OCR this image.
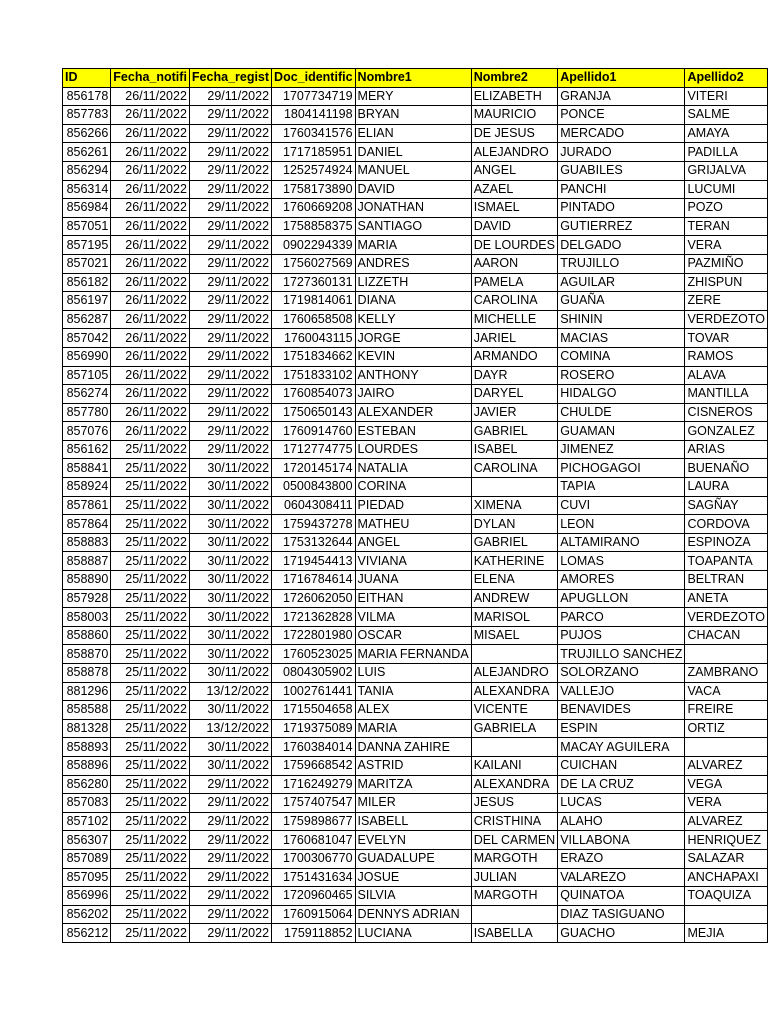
ID	Fecha_notifi	Fecha_regist	Doc_identific	Nombre1	Nombre2	Apellido1	Apellido2
856178	26/11/2022	29/11/2022	1707734719	MERY	ELIZABETH	GRANJA	VITERI
857783	26/11/2022	29/11/2022	1804141198	BRYAN	MAURICIO	PONCE	SALME
856266	26/11/2022	29/11/2022	1760341576	ELIAN	DE JESUS	MERCADO	AMAYA
856261	26/11/2022	29/11/2022	1717185951	DANIEL	ALEJANDRO	JURADO	PADILLA
856294	26/11/2022	29/11/2022	1252574924	MANUEL	ANGEL	GUABILES	GRIJALVA
856314	26/11/2022	29/11/2022	1758173890	DAVID	AZAEL	PANCHI	LUCUMI
856984	26/11/2022	29/11/2022	1760669208	JONATHAN	ISMAEL	PINTADO	POZO
857051	26/11/2022	29/11/2022	1758858375	SANTIAGO	DAVID	GUTIERREZ	TERAN
857195	26/11/2022	29/11/2022	0902294339	MARIA	DE LOURDES	DELGADO	VERA
857021	26/11/2022	29/11/2022	1756027569	ANDRES	AARON	TRUJILLO	PAZMIÑO
856182	26/11/2022	29/11/2022	1727360131	LIZZETH	PAMELA	AGUILAR	ZHISPUN
856197	26/11/2022	29/11/2022	1719814061	DIANA	CAROLINA	GUAÑA	ZERE
856287	26/11/2022	29/11/2022	1760658508	KELLY	MICHELLE	SHININ	VERDEZOTO
857042	26/11/2022	29/11/2022	1760043115	JORGE	JARIEL	MACIAS	TOVAR
856990	26/11/2022	29/11/2022	1751834662	KEVIN	ARMANDO	COMINA	RAMOS
857105	26/11/2022	29/11/2022	1751833102	ANTHONY	DAYR	ROSERO	ALAVA
856274	26/11/2022	29/11/2022	1760854073	JAIRO	DARYEL	HIDALGO	MANTILLA
857780	26/11/2022	29/11/2022	1750650143	ALEXANDER	JAVIER	CHULDE	CISNEROS
857076	26/11/2022	29/11/2022	1760914760	ESTEBAN	GABRIEL	GUAMAN	GONZALEZ
856162	25/11/2022	29/11/2022	1712774775	LOURDES	ISABEL	JIMENEZ	ARIAS
858841	25/11/2022	30/11/2022	1720145174	NATALIA	CAROLINA	PICHOGAGOI	BUENAÑO
858924	25/11/2022	30/11/2022	0500843800	CORINA		TAPIA	LAURA
857861	25/11/2022	30/11/2022	0604308411	PIEDAD	XIMENA	CUVI	SAGÑAY
857864	25/11/2022	30/11/2022	1759437278	MATHEU	DYLAN	LEON	CORDOVA
858883	25/11/2022	30/11/2022	1753132644	ANGEL	GABRIEL	ALTAMIRANO	ESPINOZA
858887	25/11/2022	30/11/2022	1719454413	VIVIANA	KATHERINE	LOMAS	TOAPANTA
858890	25/11/2022	30/11/2022	1716784614	JUANA	ELENA	AMORES	BELTRAN
857928	25/11/2022	30/11/2022	1726062050	EITHAN	ANDREW	APUGLLON	ANETA
858003	25/11/2022	30/11/2022	1721362828	VILMA	MARISOL	PARCO	VERDEZOTO
858860	25/11/2022	30/11/2022	1722801980	OSCAR	MISAEL	PUJOS	CHACAN
858870	25/11/2022	30/11/2022	1760523025	MARIA FERNANDA		TRUJILLO SANCHEZ	
858878	25/11/2022	30/11/2022	0804305902	LUIS	ALEJANDRO	SOLORZANO	ZAMBRANO
881296	25/11/2022	13/12/2022	1002761441	TANIA	ALEXANDRA	VALLEJO	VACA
858588	25/11/2022	30/11/2022	1715504658	ALEX	VICENTE	BENAVIDES	FREIRE
881328	25/11/2022	13/12/2022	1719375089	MARIA	GABRIELA	ESPIN	ORTIZ
858893	25/11/2022	30/11/2022	1760384014	DANNA ZAHIRE		MACAY AGUILERA	
858896	25/11/2022	30/11/2022	1759668542	ASTRID	KAILANI	CUICHAN	ALVAREZ
856280	25/11/2022	29/11/2022	1716249279	MARITZA	ALEXANDRA	DE LA CRUZ	VEGA
857083	25/11/2022	29/11/2022	1757407547	MILER	JESUS	LUCAS	VERA
857102	25/11/2022	29/11/2022	1759898677	ISABELL	CRISTHINA	ALAHO	ALVAREZ
856307	25/11/2022	29/11/2022	1760681047	EVELYN	DEL CARMEN	VILLABONA	HENRIQUEZ
857089	25/11/2022	29/11/2022	1700306770	GUADALUPE	MARGOTH	ERAZO	SALAZAR
857095	25/11/2022	29/11/2022	1751431634	JOSUE	JULIAN	VALAREZO	ANCHAPAXI
856996	25/11/2022	29/11/2022	1720960465	SILVIA	MARGOTH	QUINATOA	TOAQUIZA
856202	25/11/2022	29/11/2022	1760915064	DENNYS ADRIAN		DIAZ TASIGUANO	
856212	25/11/2022	29/11/2022	1759118852	LUCIANA	ISABELLA	GUACHO	MEJIA
